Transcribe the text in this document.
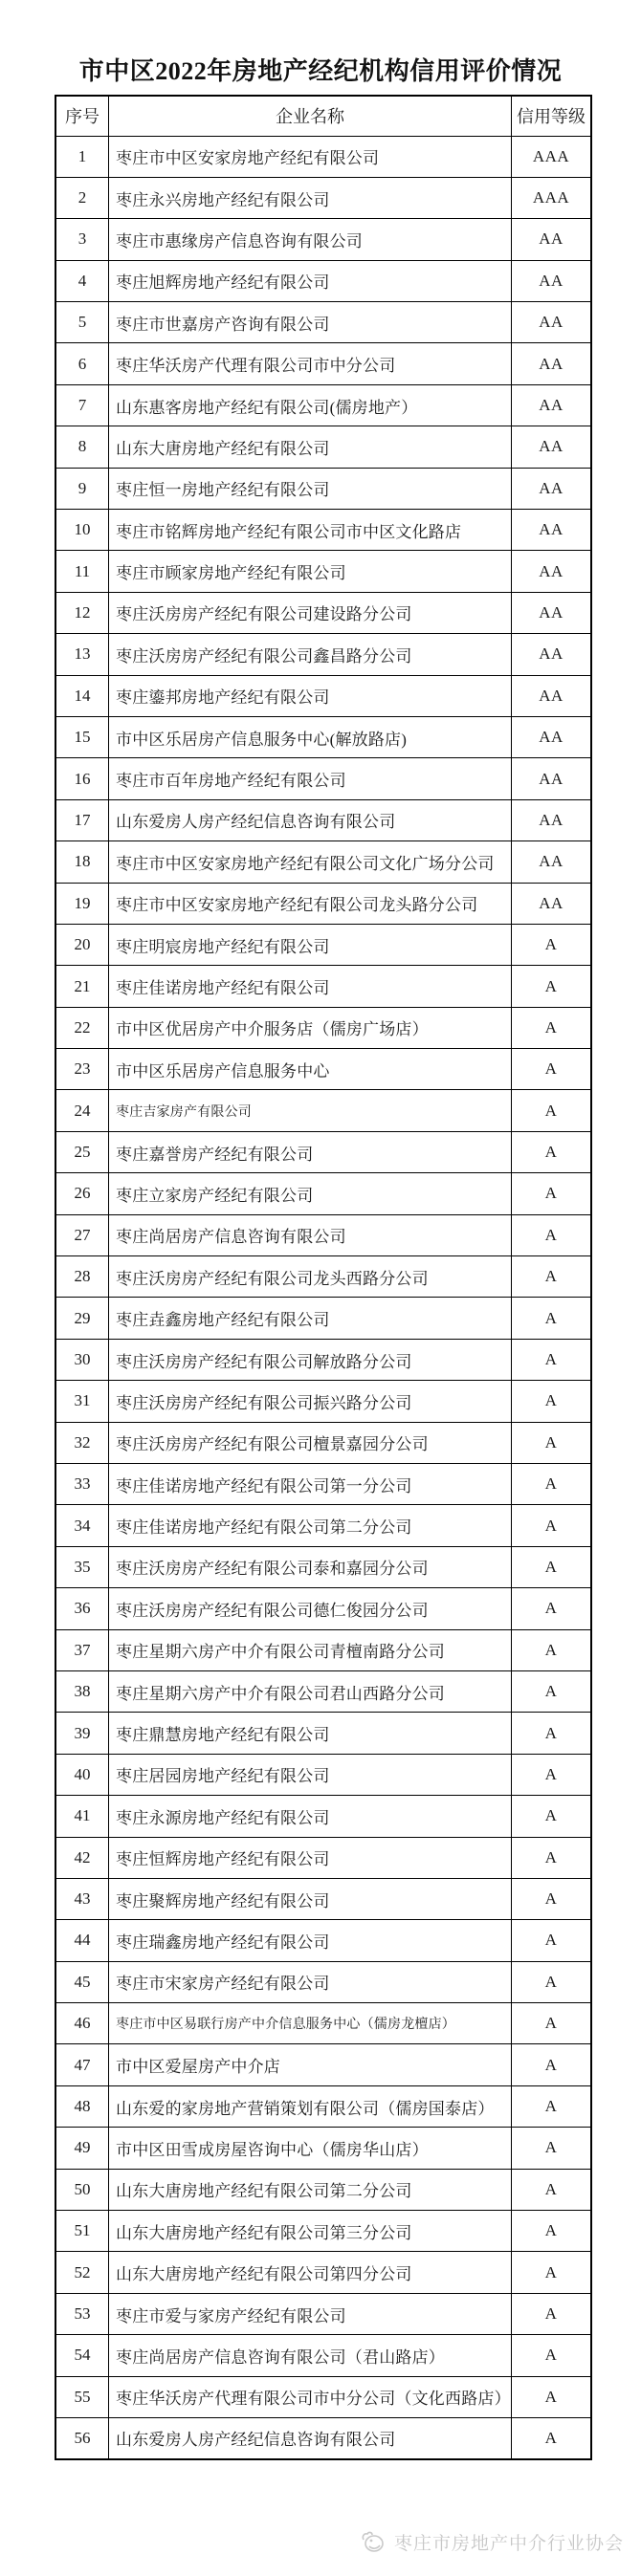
市中区2022年房地产经纪机构信用评价情况
序号	企业名称	信用等级
1	枣庄市中区安家房地产经纪有限公司	AAA
2	枣庄永兴房地产经纪有限公司	AAA
3	枣庄市惠缘房产信息咨询有限公司	AA
4	枣庄旭辉房地产经纪有限公司	AA
5	枣庄市世嘉房产咨询有限公司	AA
6	枣庄华沃房产代理有限公司市中分公司	AA
7	山东惠客房地产经纪有限公司(儒房地产）	AA
8	山东大唐房地产经纪有限公司	AA
9	枣庄恒一房地产经纪有限公司	AA
10	枣庄市铭辉房地产经纪有限公司市中区文化路店	AA
11	枣庄市顾家房地产经纪有限公司	AA
12	枣庄沃房房产经纪有限公司建设路分公司	AA
13	枣庄沃房房产经纪有限公司鑫昌路分公司	AA
14	枣庄鎏邦房地产经纪有限公司	AA
15	市中区乐居房产信息服务中心(解放路店)	AA
16	枣庄市百年房地产经纪有限公司	AA
17	山东爱房人房产经纪信息咨询有限公司	AA
18	枣庄市中区安家房地产经纪有限公司文化广场分公司	AA
19	枣庄市中区安家房地产经纪有限公司龙头路分公司	AA
20	枣庄明宸房地产经纪有限公司	A
21	枣庄佳诺房地产经纪有限公司	A
22	市中区优居房产中介服务店（儒房广场店）	A
23	市中区乐居房产信息服务中心	A
24	枣庄吉家房产有限公司	A
25	枣庄嘉誉房产经纪有限公司	A
26	枣庄立家房产经纪有限公司	A
27	枣庄尚居房产信息咨询有限公司	A
28	枣庄沃房房产经纪有限公司龙头西路分公司	A
29	枣庄垚鑫房地产经纪有限公司	A
30	枣庄沃房房产经纪有限公司解放路分公司	A
31	枣庄沃房房产经纪有限公司振兴路分公司	A
32	枣庄沃房房产经纪有限公司檀景嘉园分公司	A
33	枣庄佳诺房地产经纪有限公司第一分公司	A
34	枣庄佳诺房地产经纪有限公司第二分公司	A
35	枣庄沃房房产经纪有限公司泰和嘉园分公司	A
36	枣庄沃房房产经纪有限公司德仁俊园分公司	A
37	枣庄星期六房产中介有限公司青檀南路分公司	A
38	枣庄星期六房产中介有限公司君山西路分公司	A
39	枣庄鼎慧房地产经纪有限公司	A
40	枣庄居园房地产经纪有限公司	A
41	枣庄永源房地产经纪有限公司	A
42	枣庄恒辉房地产经纪有限公司	A
43	枣庄聚辉房地产经纪有限公司	A
44	枣庄瑞鑫房地产经纪有限公司	A
45	枣庄市宋家房产经纪有限公司	A
46	枣庄市中区易联行房产中介信息服务中心（儒房龙檀店）	A
47	市中区爱屋房产中介店	A
48	山东爱的家房地产营销策划有限公司（儒房国泰店）	A
49	市中区田雪成房屋咨询中心（儒房华山店）	A
50	山东大唐房地产经纪有限公司第二分公司	A
51	山东大唐房地产经纪有限公司第三分公司	A
52	山东大唐房地产经纪有限公司第四分公司	A
53	枣庄市爱与家房产经纪有限公司	A
54	枣庄尚居房产信息咨询有限公司（君山路店）	A
55	枣庄华沃房产代理有限公司市中分公司（文化西路店）	A
56	山东爱房人房产经纪信息咨询有限公司	A
枣庄市房地产中介行业协会
